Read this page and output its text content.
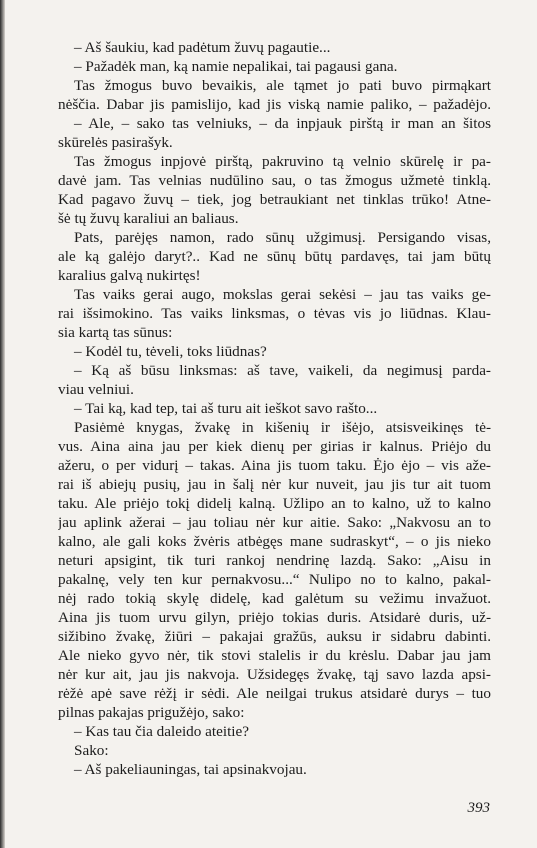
– Aš šaukiu, kad padėtum žuvų pagautie...
– Pažadėk man, ką namie nepalikai, tai pagausi gana.
Tas žmogus buvo bevaikis, ale tąmet jo pati buvo pirmąkart
nėščia. Dabar jis pamislijo, kad jis viską namie paliko, – pažadėjo.
– Ale, – sako tas velniuks, – da inpjauk pirštą ir man an šitos
skūrelės pasirašyk.
Tas žmogus inpjovė pirštą, pakruvino tą velnio skūrelę ir pa-
davė jam. Tas velnias nudūlino sau, o tas žmogus užmetė tinklą.
Kad pagavo žuvų – tiek, jog betraukiant net tinklas trūko! Atne-
šė tų žuvų karaliui an baliaus.
Pats, parėjęs namon, rado sūnų užgimusį. Persigando visas,
ale ką galėjo daryt?.. Kad ne sūnų būtų pardavęs, tai jam būtų
karalius galvą nukirtęs!
Tas vaiks gerai augo, mokslas gerai sekėsi – jau tas vaiks ge-
rai išsimokino. Tas vaiks linksmas, o tėvas vis jo liūdnas. Klau-
sia kartą tas sūnus:
– Kodėl tu, tėveli, toks liūdnas?
– Ką aš būsu linksmas: aš tave, vaikeli, da negimusį parda-
viau velniui.
– Tai ką, kad tep, tai aš turu ait ieškot savo rašto...
Pasiėmė knygas, žvakę in kišenių ir išėjo, atsisveikinęs tė-
vus. Aina aina jau per kiek dienų per girias ir kalnus. Priėjo du
ažeru, o per vidurį – takas. Aina jis tuom taku. Ėjo ėjo – vis aže-
rai iš abiejų pusių, jau in šalį nėr kur nuveit, jau jis tur ait tuom
taku. Ale priėjo tokį didelį kalną. Užlipo an to kalno, už to kalno
jau aplink ažerai – jau toliau nėr kur aitie. Sako: „Nakvosu an to
kalno, ale gali koks žvėris atbėgęs mane sudraskyt“, – o jis nieko
neturi apsigint, tik turi rankoj nendrinę lazdą. Sako: „Aisu in
pakalnę, vely ten kur pernakvosu...“ Nulipo no to kalno, pakal-
nėj rado tokią skylę didelę, kad galėtum su vežimu invažuot.
Aina jis tuom urvu gilyn, priėjo tokias duris. Atsidarė duris, už-
sižibino žvakę, žiūri – pakajai gražūs, auksu ir sidabru dabinti.
Ale nieko gyvo nėr, tik stovi stalelis ir du krėslu. Dabar jau jam
nėr kur ait, jau jis nakvoja. Užsidegęs žvakę, tąj savo lazda apsi-
rėžė apė save rėžį ir sėdi. Ale neilgai trukus atsidarė durys – tuo
pilnas pakajas prigužėjo, sako:
– Kas tau čia daleido ateitie?
Sako:
– Aš pakeliauningas, tai apsinakvojau.
393
